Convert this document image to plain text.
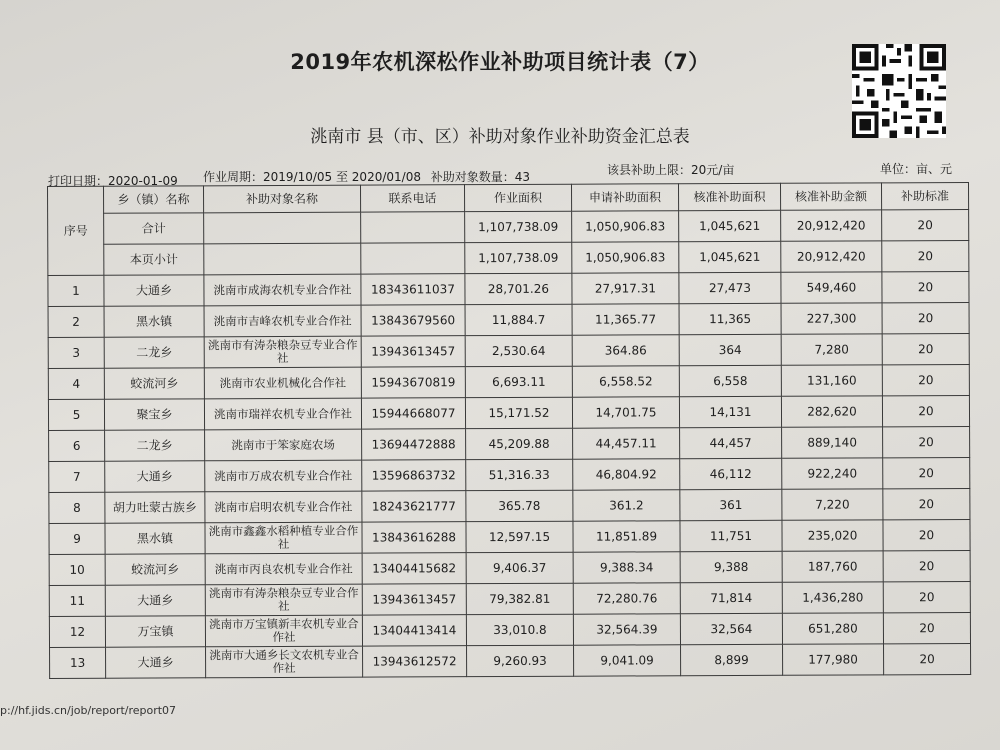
2019年农机深松作业补助项目统计表（7）
洮南市 县（市、区）补助对象作业补助资金汇总表
打印日期：2020-01-09 作业周期：2019/10/05 至 2020/01/08 补助对象数量：43	该县补助上限：20元/亩	单位：亩、元
序号	乡（镇）名称	补助对象名称	联系电话	作业面积	申请补助面积	核准补助面积	核准补助金额	补助标准
	合计			1,107,738.09	1,050,906.83	1,045,621	20,912,420	20
	本页小计			1,107,738.09	1,050,906.83	1,045,621	20,912,420	20
1	大通乡	洮南市成海农机专业合作社	18343611037	28,701.26	27,917.31	27,473	549,460	20
2	黑水镇	洮南市吉峰农机专业合作社	13843679560	11,884.7	11,365.77	11,365	227,300	20
3	二龙乡	洮南市有涛杂粮杂豆专业合作社	13943613457	2,530.64	364.86	364	7,280	20
4	蛟流河乡	洮南市农业机械化合作社	15943670819	6,693.11	6,558.52	6,558	131,160	20
5	聚宝乡	洮南市瑞祥农机专业合作社	15944668077	15,171.52	14,701.75	14,131	282,620	20
6	二龙乡	洮南市于笨家庭农场	13694472888	45,209.88	44,457.11	44,457	889,140	20
7	大通乡	洮南市万成农机专业合作社	13596863732	51,316.33	46,804.92	46,112	922,240	20
8	胡力吐蒙古族乡	洮南市启明农机专业合作社	18243621777	365.78	361.2	361	7,220	20
9	黑水镇	洮南市鑫鑫水稻种植专业合作社	13843616288	12,597.15	11,851.89	11,751	235,020	20
10	蛟流河乡	洮南市丙良农机专业合作社	13404415682	9,406.37	9,388.34	9,388	187,760	20
11	大通乡	洮南市有涛杂粮杂豆专业合作社	13943613457	79,382.81	72,280.76	71,814	1,436,280	20
12	万宝镇	洮南市万宝镇新丰农机专业合作社	13404413414	33,010.8	32,564.39	32,564	651,280	20
13	大通乡	洮南市大通乡长文农机专业合作社	13943612572	9,260.93	9,041.09	8,899	177,980	20
p://hf.jids.cn/job/report/report07
